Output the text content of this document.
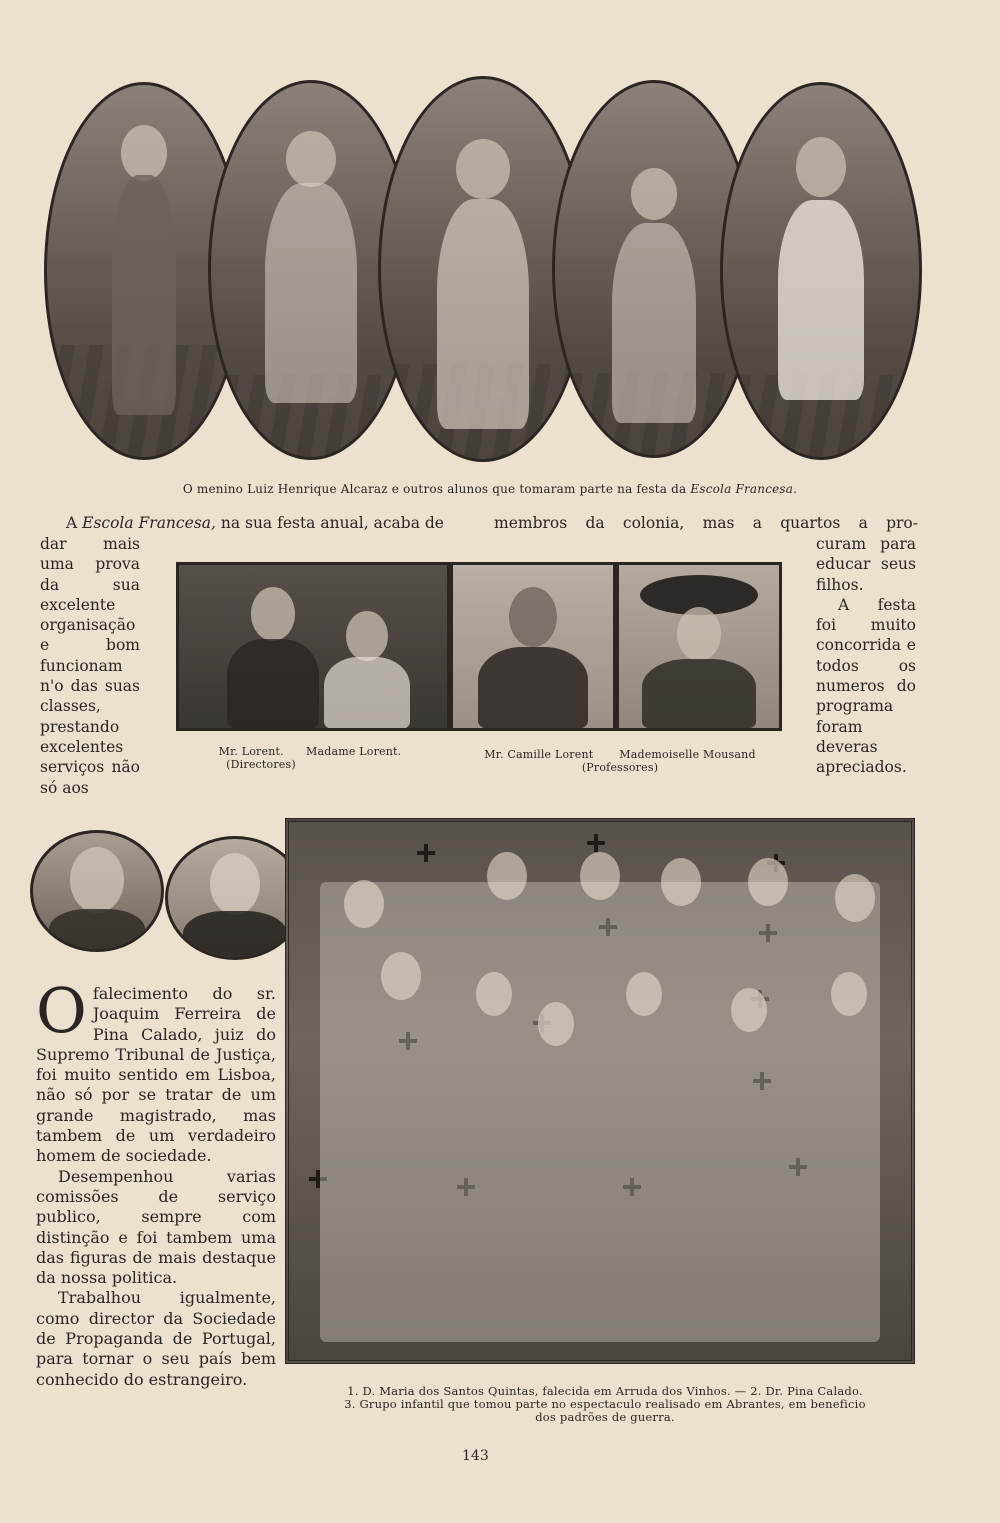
O menino Luiz Henrique Alcaraz e outros alunos que tomaram parte na festa da Escola Francesa.
A Escola Francesa, na sua festa anual, acaba de	membros da colonia, mas a quartos a pro-

dar mais uma prova da sua excelente organisação e bom funcionam n'o das suas classes, prestando excelentes serviços não só aos

curam para educar seus filhos.

A festa foi muito concorrida e todos os numeros do programa foram deveras apreciados.

Mr. Lorent. Madame Lorent.
(Directores)
Mr. Camille Lorent Mademoiselle Mousand
(Professores)
O falecimento do sr. Joaquim Ferreira de Pina Calado, juiz do Supremo Tribunal de Justiça, foi muito sentido em Lisboa, não só por se tratar de um grande magistrado, mas tambem de um verdadeiro homem de sociedade.

Desempenhou varias comissões de serviço publico, sempre com distinção e foi tambem uma das figuras de mais destaque da nossa politica.

Trabalhou igualmente, como director da Sociedade de Propaganda de Portugal, para tornar o seu país bem conhecido do estrangeiro.

1. D. Maria dos Santos Quintas, falecida em Arruda dos Vinhos. — 2. Dr. Pina Calado.
3. Grupo infantil que tomou parte no espectaculo realisado em Abrantes, em beneficio
dos padrões de guerra.
143
